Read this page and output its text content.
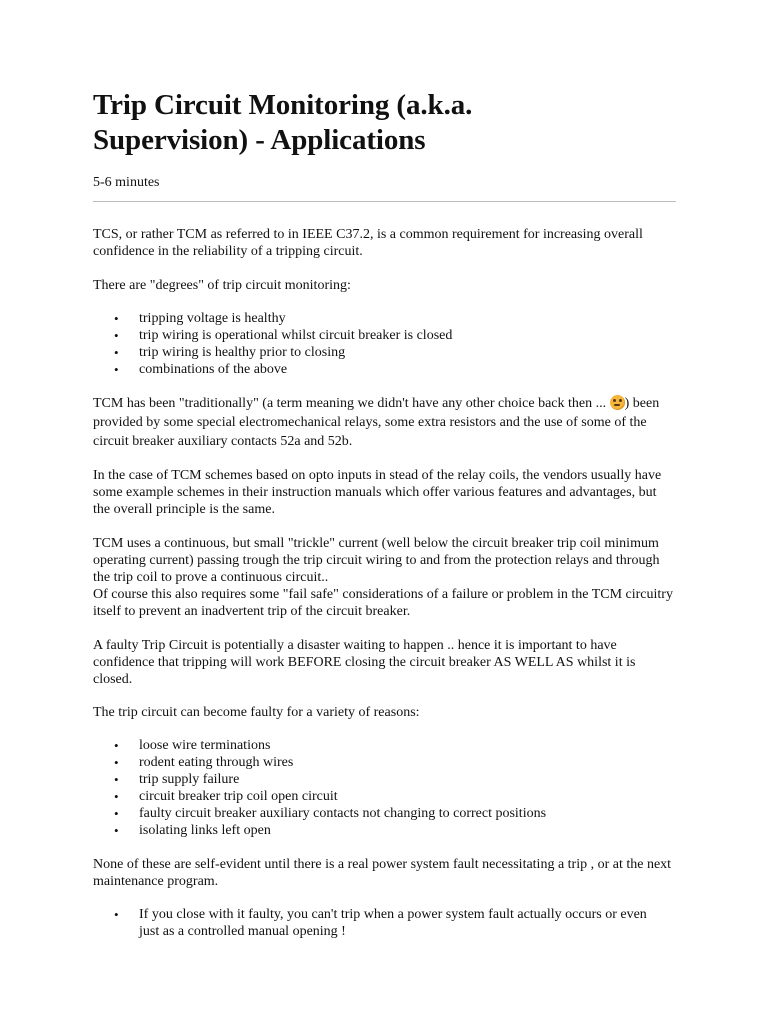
Trip Circuit Monitoring (a.k.a.
Supervision) - Applications
5-6 minutes

TCS, or rather TCM as referred to in IEEE C37.2, is a common requirement for increasing overall confidence in the reliability of a tripping circuit.

There are "degrees" of trip circuit monitoring:

• tripping voltage is healthy
• trip wiring is operational whilst circuit breaker is closed
• trip wiring is healthy prior to closing
• combinations of the above

TCM has been "traditionally" (a term meaning we didn't have any other choice back then ... ) been provided by some special electromechanical relays, some extra resistors and the use of some of the circuit breaker auxiliary contacts 52a and 52b.

In the case of TCM schemes based on opto inputs in stead of the relay coils, the vendors usually have some example schemes in their instruction manuals which offer various features and advantages, but the overall principle is the same.

TCM uses a continuous, but small "trickle" current (well below the circuit breaker trip coil minimum operating current) passing trough the trip circuit wiring to and from the protection relays and through the trip coil to prove a continuous circuit..
Of course this also requires some "fail safe" considerations of a failure or problem in the TCM circuitry itself to prevent an inadvertent trip of the circuit breaker.

A faulty Trip Circuit is potentially a disaster waiting to happen .. hence it is important to have confidence that tripping will work BEFORE closing the circuit breaker AS WELL AS whilst it is closed.

The trip circuit can become faulty for a variety of reasons:

• loose wire terminations
• rodent eating through wires
• trip supply failure
• circuit breaker trip coil open circuit
• faulty circuit breaker auxiliary contacts not changing to correct positions
• isolating links left open

None of these are self-evident until there is a real power system fault necessitating a trip , or at the next maintenance program.

• If you close with it faulty, you can't trip when a power system fault actually occurs or even just as a controlled manual opening !
